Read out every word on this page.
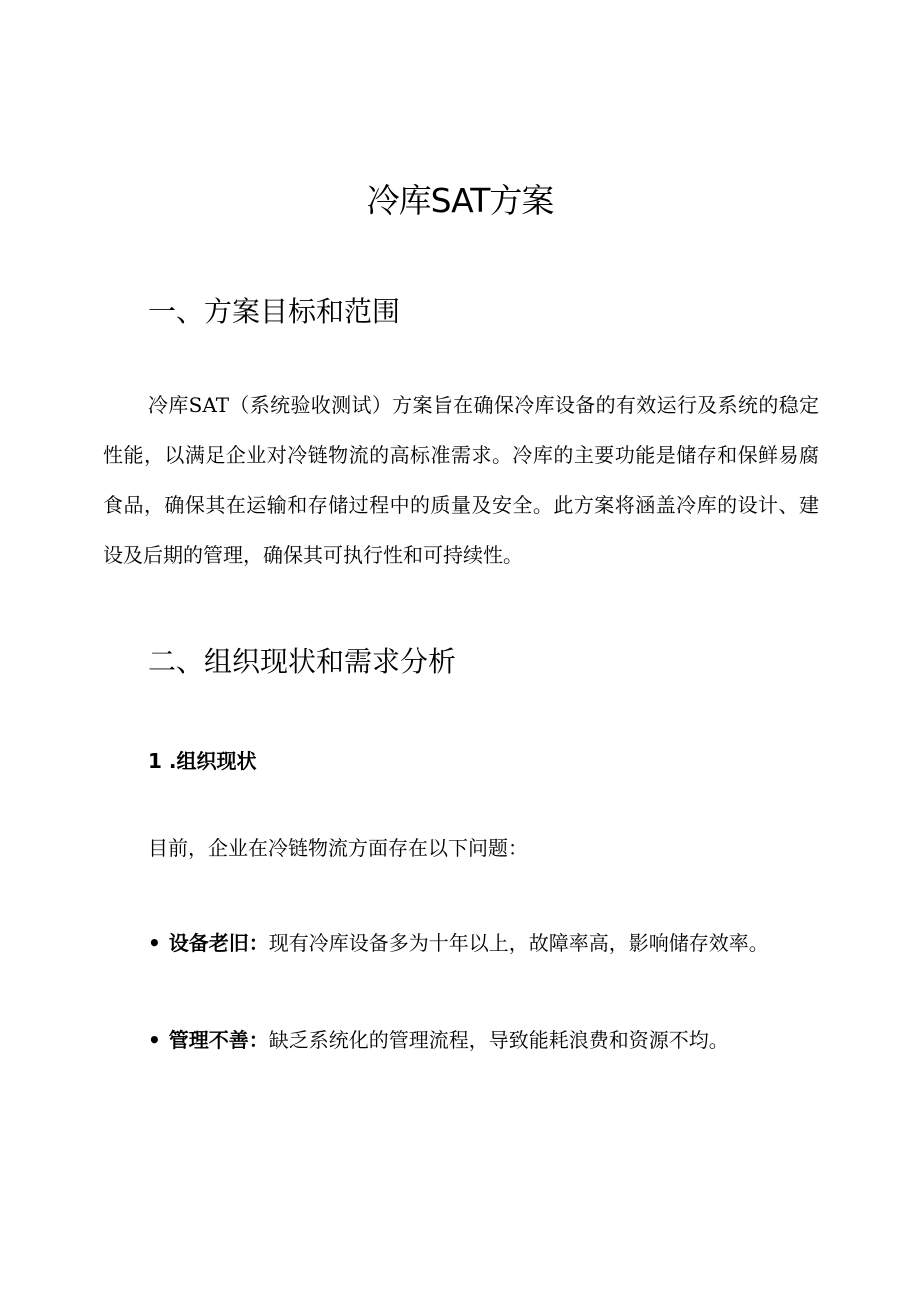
冷库SAT方案
一、方案目标和范围

冷库SAT（系统验收测试）方案旨在确保冷库设备的有效运行及系统的稳定性能，以满足企业对冷链物流的高标准需求。冷库的主要功能是储存和保鲜易腐食品，确保其在运输和存储过程中的质量及安全。此方案将涵盖冷库的设计、建设及后期的管理，确保其可执行性和可持续性。

二、组织现状和需求分析
1 .组织现状

目前，企业在冷链物流方面存在以下问题：

• 设备老旧：现有冷库设备多为十年以上，故障率高，影响储存效率。

• 管理不善：缺乏系统化的管理流程，导致能耗浪费和资源不均。
